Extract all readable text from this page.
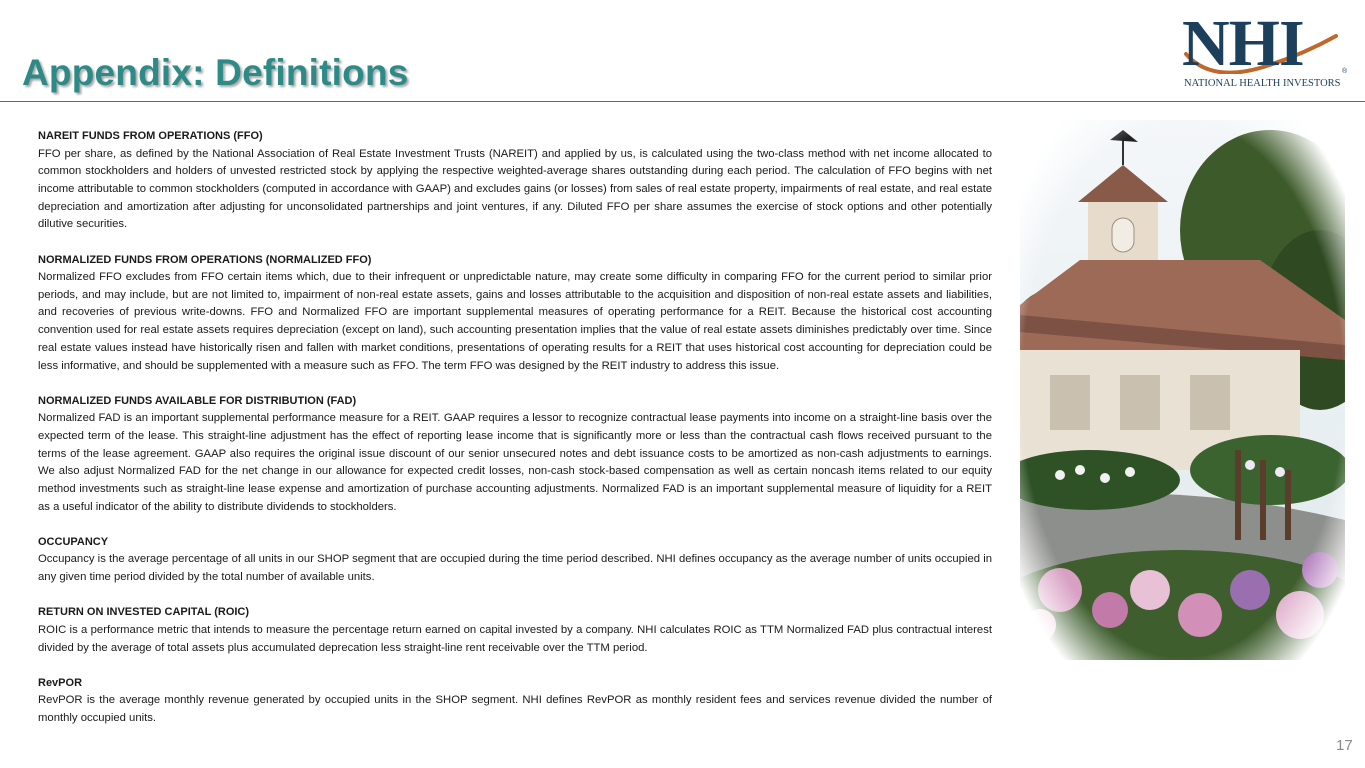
Appendix: Definitions	NHI	®
NATIONAL HEALTH INVESTORS
NAREIT FUNDS FROM OPERATIONS (FFO)
FFO per share, as defined by the National Association of Real Estate Investment Trusts (NAREIT) and applied by us, is calculated using the two-class method with net income allocated to common stockholders and holders of unvested restricted stock by applying the respective weighted-average shares outstanding during each period. The calculation of FFO begins with net income attributable to common stockholders (computed in accordance with GAAP) and excludes gains (or losses) from sales of real estate property, impairments of real estate, and real estate depreciation and amortization after adjusting for unconsolidated partnerships and joint ventures, if any. Diluted FFO per share assumes the exercise of stock options and other potentially dilutive securities.
NORMALIZED FUNDS FROM OPERATIONS (NORMALIZED FFO)
Normalized FFO excludes from FFO certain items which, due to their infrequent or unpredictable nature, may create some difficulty in comparing FFO for the current period to similar prior periods, and may include, but are not limited to, impairment of non-real estate assets, gains and losses attributable to the acquisition and disposition of non-real estate assets and liabilities, and recoveries of previous write-downs. FFO and Normalized FFO are important supplemental measures of operating performance for a REIT. Because the historical cost accounting convention used for real estate assets requires depreciation (except on land), such accounting presentation implies that the value of real estate assets diminishes predictably over time. Since real estate values instead have historically risen and fallen with market conditions, presentations of operating results for a REIT that uses historical cost accounting for depreciation could be less informative, and should be supplemented with a measure such as FFO. The term FFO was designed by the REIT industry to address this issue.
NORMALIZED FUNDS AVAILABLE FOR DISTRIBUTION (FAD)
Normalized FAD is an important supplemental performance measure for a REIT. GAAP requires a lessor to recognize contractual lease payments into income on a straight-line basis over the expected term of the lease. This straight-line adjustment has the effect of reporting lease income that is significantly more or less than the contractual cash flows received pursuant to the terms of the lease agreement. GAAP also requires the original issue discount of our senior unsecured notes and debt issuance costs to be amortized as non-cash adjustments to earnings. We also adjust Normalized FAD for the net change in our allowance for expected credit losses, non-cash stock-based compensation as well as certain noncash items related to our equity method investments such as straight-line lease expense and amortization of purchase accounting adjustments. Normalized FAD is an important supplemental measure of liquidity for a REIT as a useful indicator of the ability to distribute dividends to stockholders.
OCCUPANCY
Occupancy is the average percentage of all units in our SHOP segment that are occupied during the time period described. NHI defines occupancy as the average number of units occupied in any given time period divided by the total number of available units.
RETURN ON INVESTED CAPITAL (ROIC)
ROIC is a performance metric that intends to measure the percentage return earned on capital invested by a company. NHI calculates ROIC as TTM Normalized FAD plus contractual interest divided by the average of total assets plus accumulated deprecation less straight-line rent receivable over the TTM period.
RevPOR
RevPOR is the average monthly revenue generated by occupied units in the SHOP segment. NHI defines RevPOR as monthly resident fees and services revenue divided the number of monthly occupied units.
17
